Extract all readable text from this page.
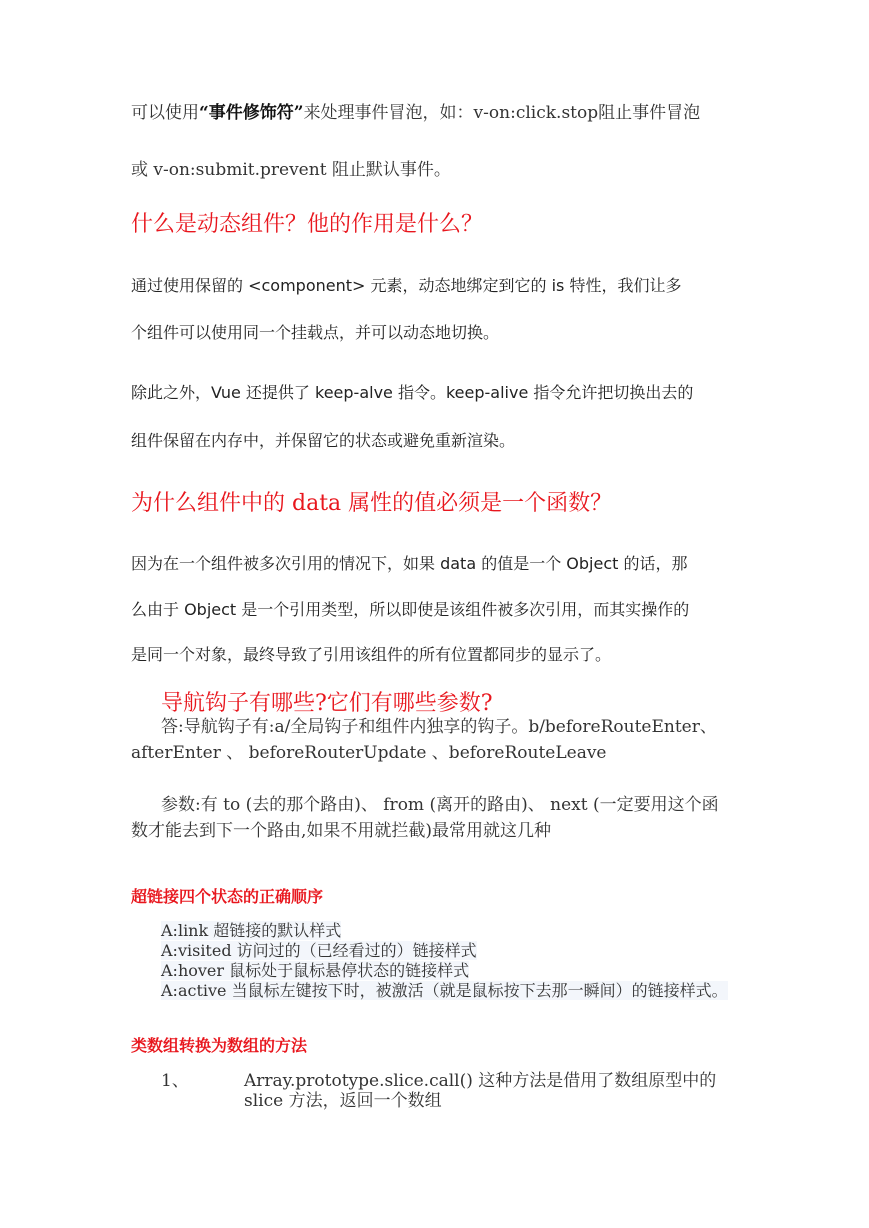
可以使用“事件修饰符”来处理事件冒泡，如：v-on:click.stop阻止事件冒泡
或 v-on:submit.prevent 阻止默认事件。
什么是动态组件？他的作用是什么？
通过使用保留的 <component> 元素，动态地绑定到它的 is 特性，我们让多
个组件可以使用同一个挂载点，并可以动态地切换。
除此之外，Vue 还提供了 keep-alve 指令。keep-alive 指令允许把切换出去的
组件保留在内存中，并保留它的状态或避免重新渲染。
为什么组件中的 data 属性的值必须是一个函数？
因为在一个组件被多次引用的情况下，如果 data 的值是一个 Object 的话，那
么由于 Object 是一个引用类型，所以即使是该组件被多次引用，而其实操作的
是同一个对象，最终导致了引用该组件的所有位置都同步的显示了。
导航钩子有哪些?它们有哪些参数?
答:导航钩子有:a/全局钩子和组件内独享的钩子。b/beforeRouteEnter、 afterEnter 、 beforeRouterUpdate 、beforeRouteLeave
参数:有 to (去的那个路由)、 from (离开的路由)、 next (一定要用这个函 数才能去到下一个路由,如果不用就拦截)最常用就这几种
超链接四个状态的正确顺序
A:link 超链接的默认样式
A:visited 访问过的（已经看过的）链接样式
A:hover 鼠标处于鼠标悬停状态的链接样式
A:active 当鼠标左键按下时，被激活（就是鼠标按下去那一瞬间）的链接样式。
类数组转换为数组的方法
1、	Array.prototype.slice.call() 这种方法是借用了数组原型中的 slice 方法，返回一个数组
